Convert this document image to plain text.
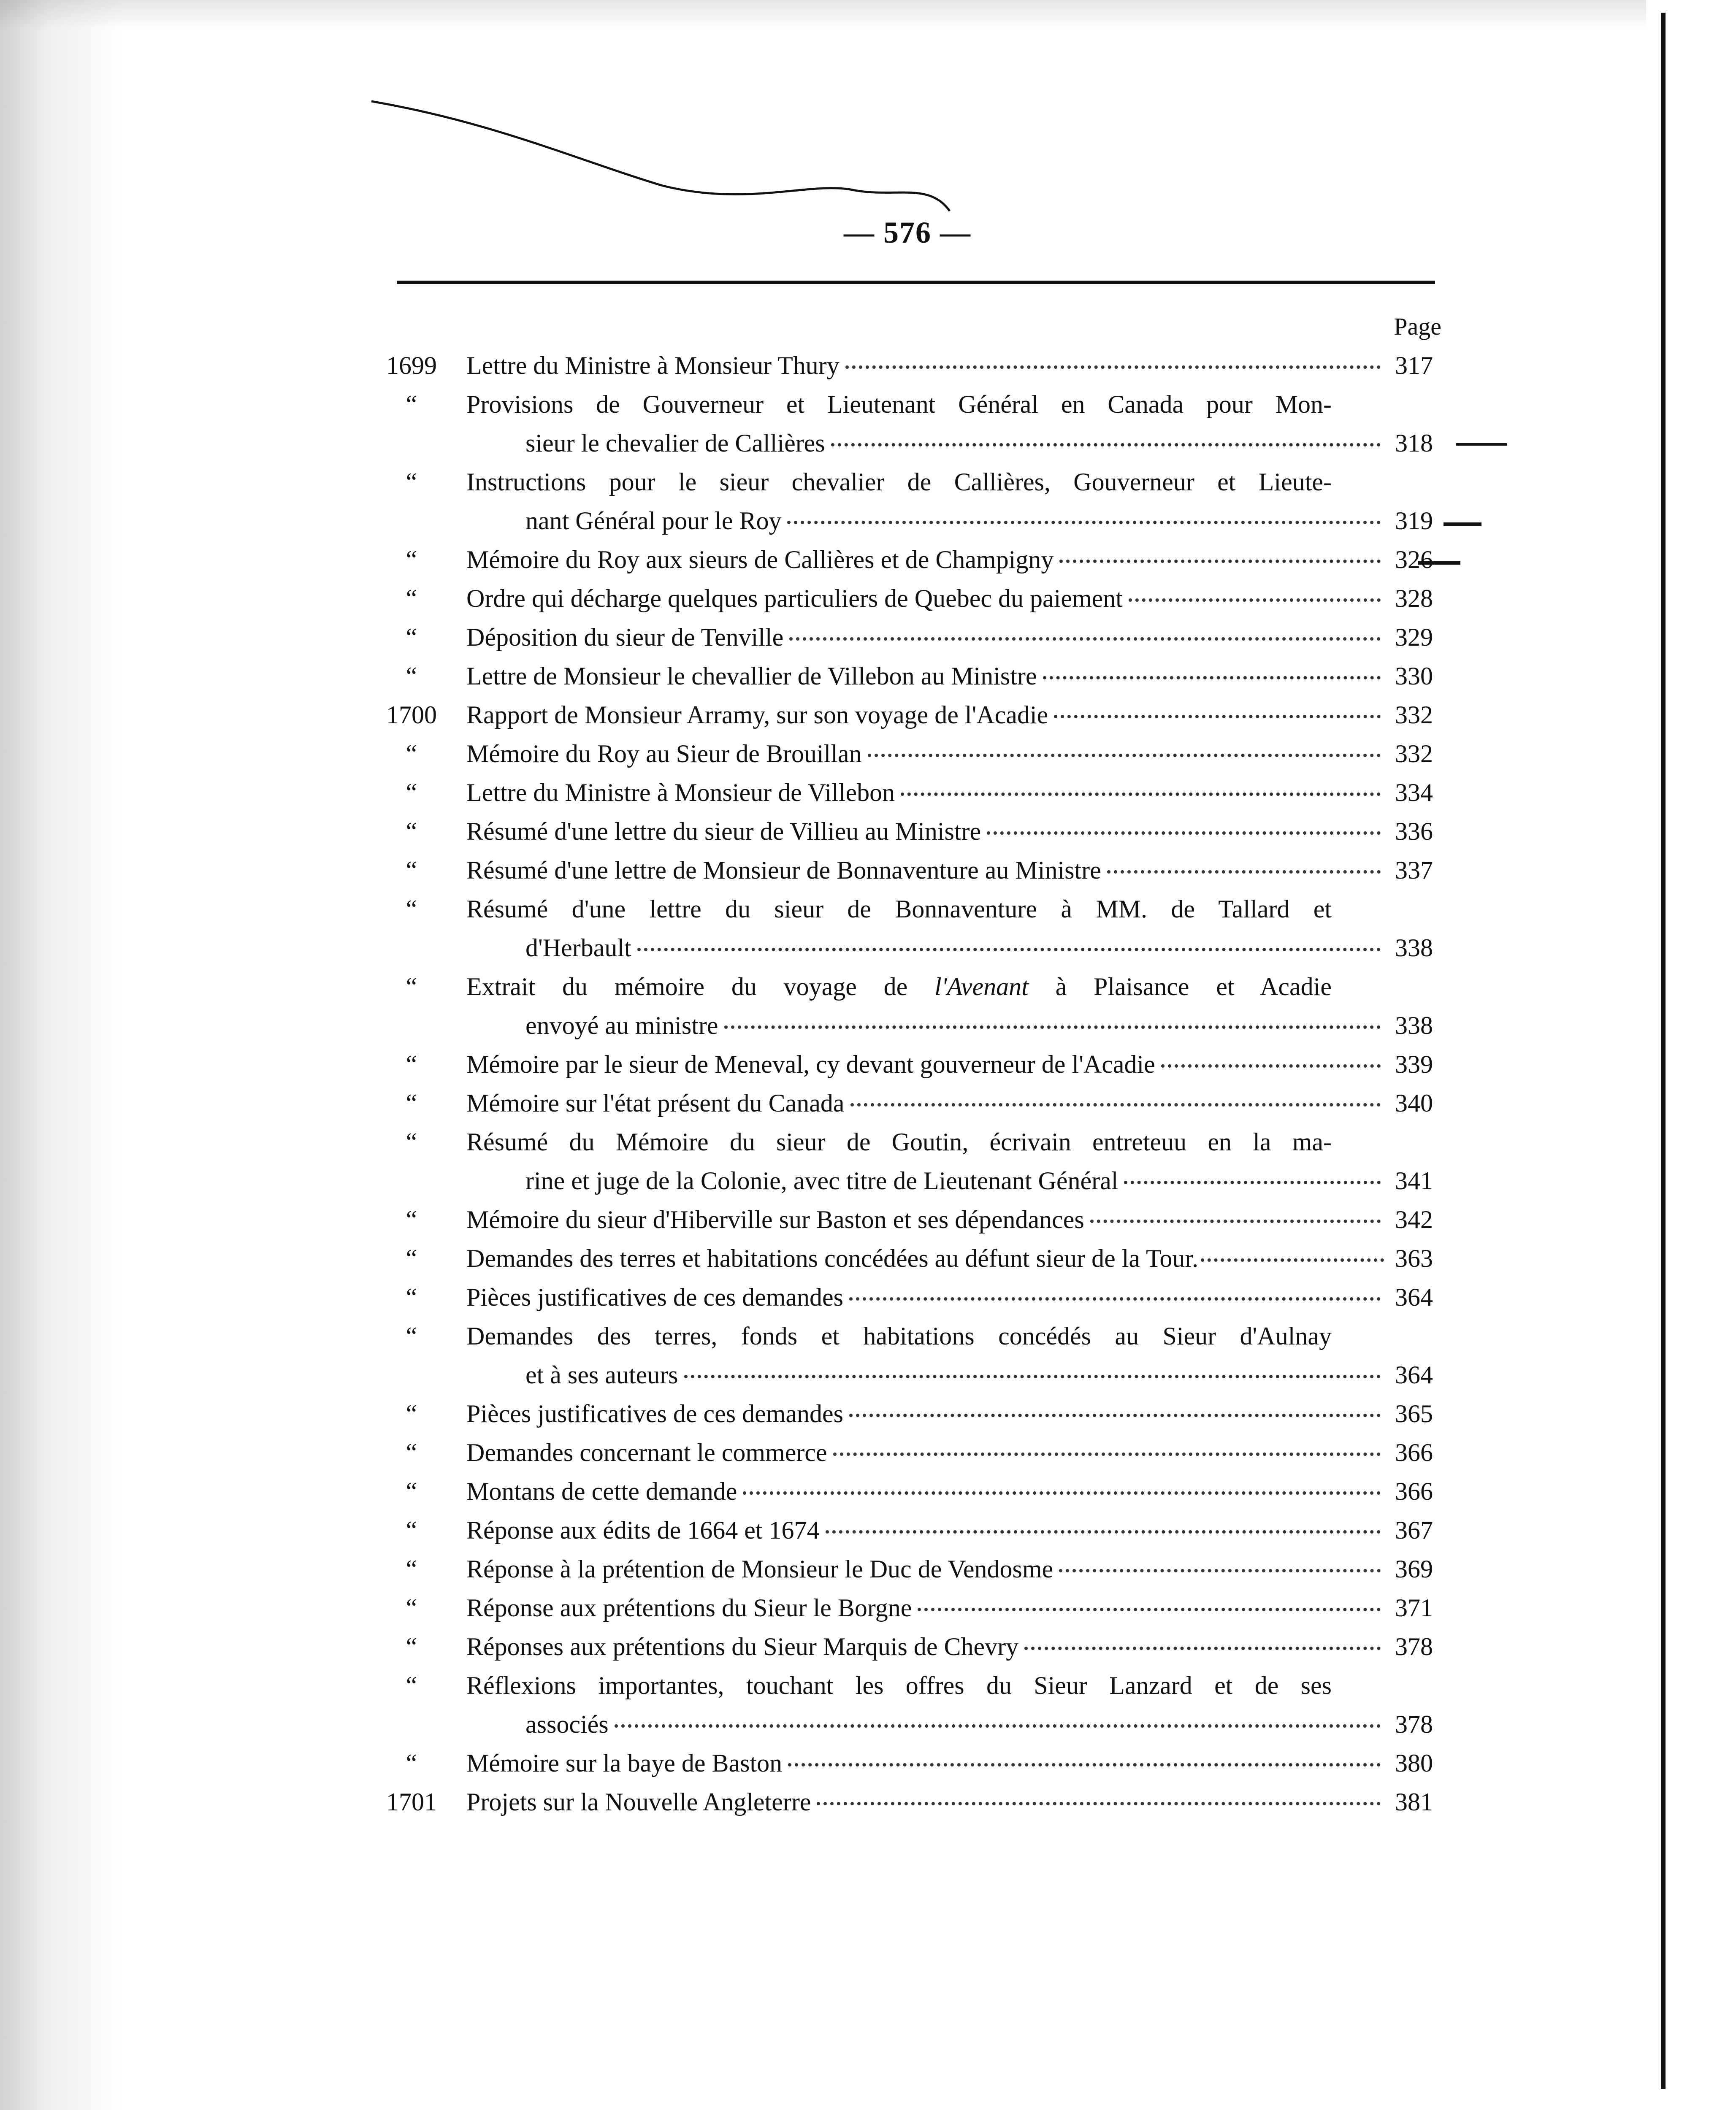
— 576 —
Page
1699 Lettre du Ministre à Monsieur Thury	317
“	Provisions de Gouverneur et Lieutenant Général en Canada pour Mon-
sieur le chevalier de Callières	318
“	Instructions pour le sieur chevalier de Callières, Gouverneur et Lieute-
nant Général pour le Roy	319
“	Mémoire du Roy aux sieurs de Callières et de Champigny	326
“	Ordre qui décharge quelques particuliers de Quebec du paiement	328
“	Déposition du sieur de Tenville	329
“	Lettre de Monsieur le chevallier de Villebon au Ministre	330
1700 Rapport de Monsieur Arramy, sur son voyage de l'Acadie	332
“	Mémoire du Roy au Sieur de Brouillan	332
“	Lettre du Ministre à Monsieur de Villebon	334
“	Résumé d'une lettre du sieur de Villieu au Ministre	336
“	Résumé d'une lettre de Monsieur de Bonnaventure au Ministre	337
“	Résumé d'une lettre du sieur de Bonnaventure à MM. de Tallard et
d'Herbault	338
“	Extrait du mémoire du voyage de l'Avenant à Plaisance et Acadie
envoyé au ministre	338
“	Mémoire par le sieur de Meneval, cy devant gouverneur de l'Acadie	339
“	Mémoire sur l'état présent du Canada	340
“	Résumé du Mémoire du sieur de Goutin, écrivain entreteuu en la ma-
rine et juge de la Colonie, avec titre de Lieutenant Général	341
“	Mémoire du sieur d'Hiberville sur Baston et ses dépendances	342
“	Demandes des terres et habitations concédées au défunt sieur de la Tour.	363
“	Pièces justificatives de ces demandes	364
“	Demandes des terres, fonds et habitations concédés au Sieur d'Aulnay
et à ses auteurs	364
“	Pièces justificatives de ces demandes	365
“	Demandes concernant le commerce	366
“	Montans de cette demande	366
“	Réponse aux édits de 1664 et 1674	367
“	Réponse à la prétention de Monsieur le Duc de Vendosme	369
“	Réponse aux prétentions du Sieur le Borgne	371
“	Réponses aux prétentions du Sieur Marquis de Chevry	378
“	Réflexions importantes, touchant les offres du Sieur Lanzard et de ses
associés	378
“	Mémoire sur la baye de Baston	380
1701 Projets sur la Nouvelle Angleterre	381
